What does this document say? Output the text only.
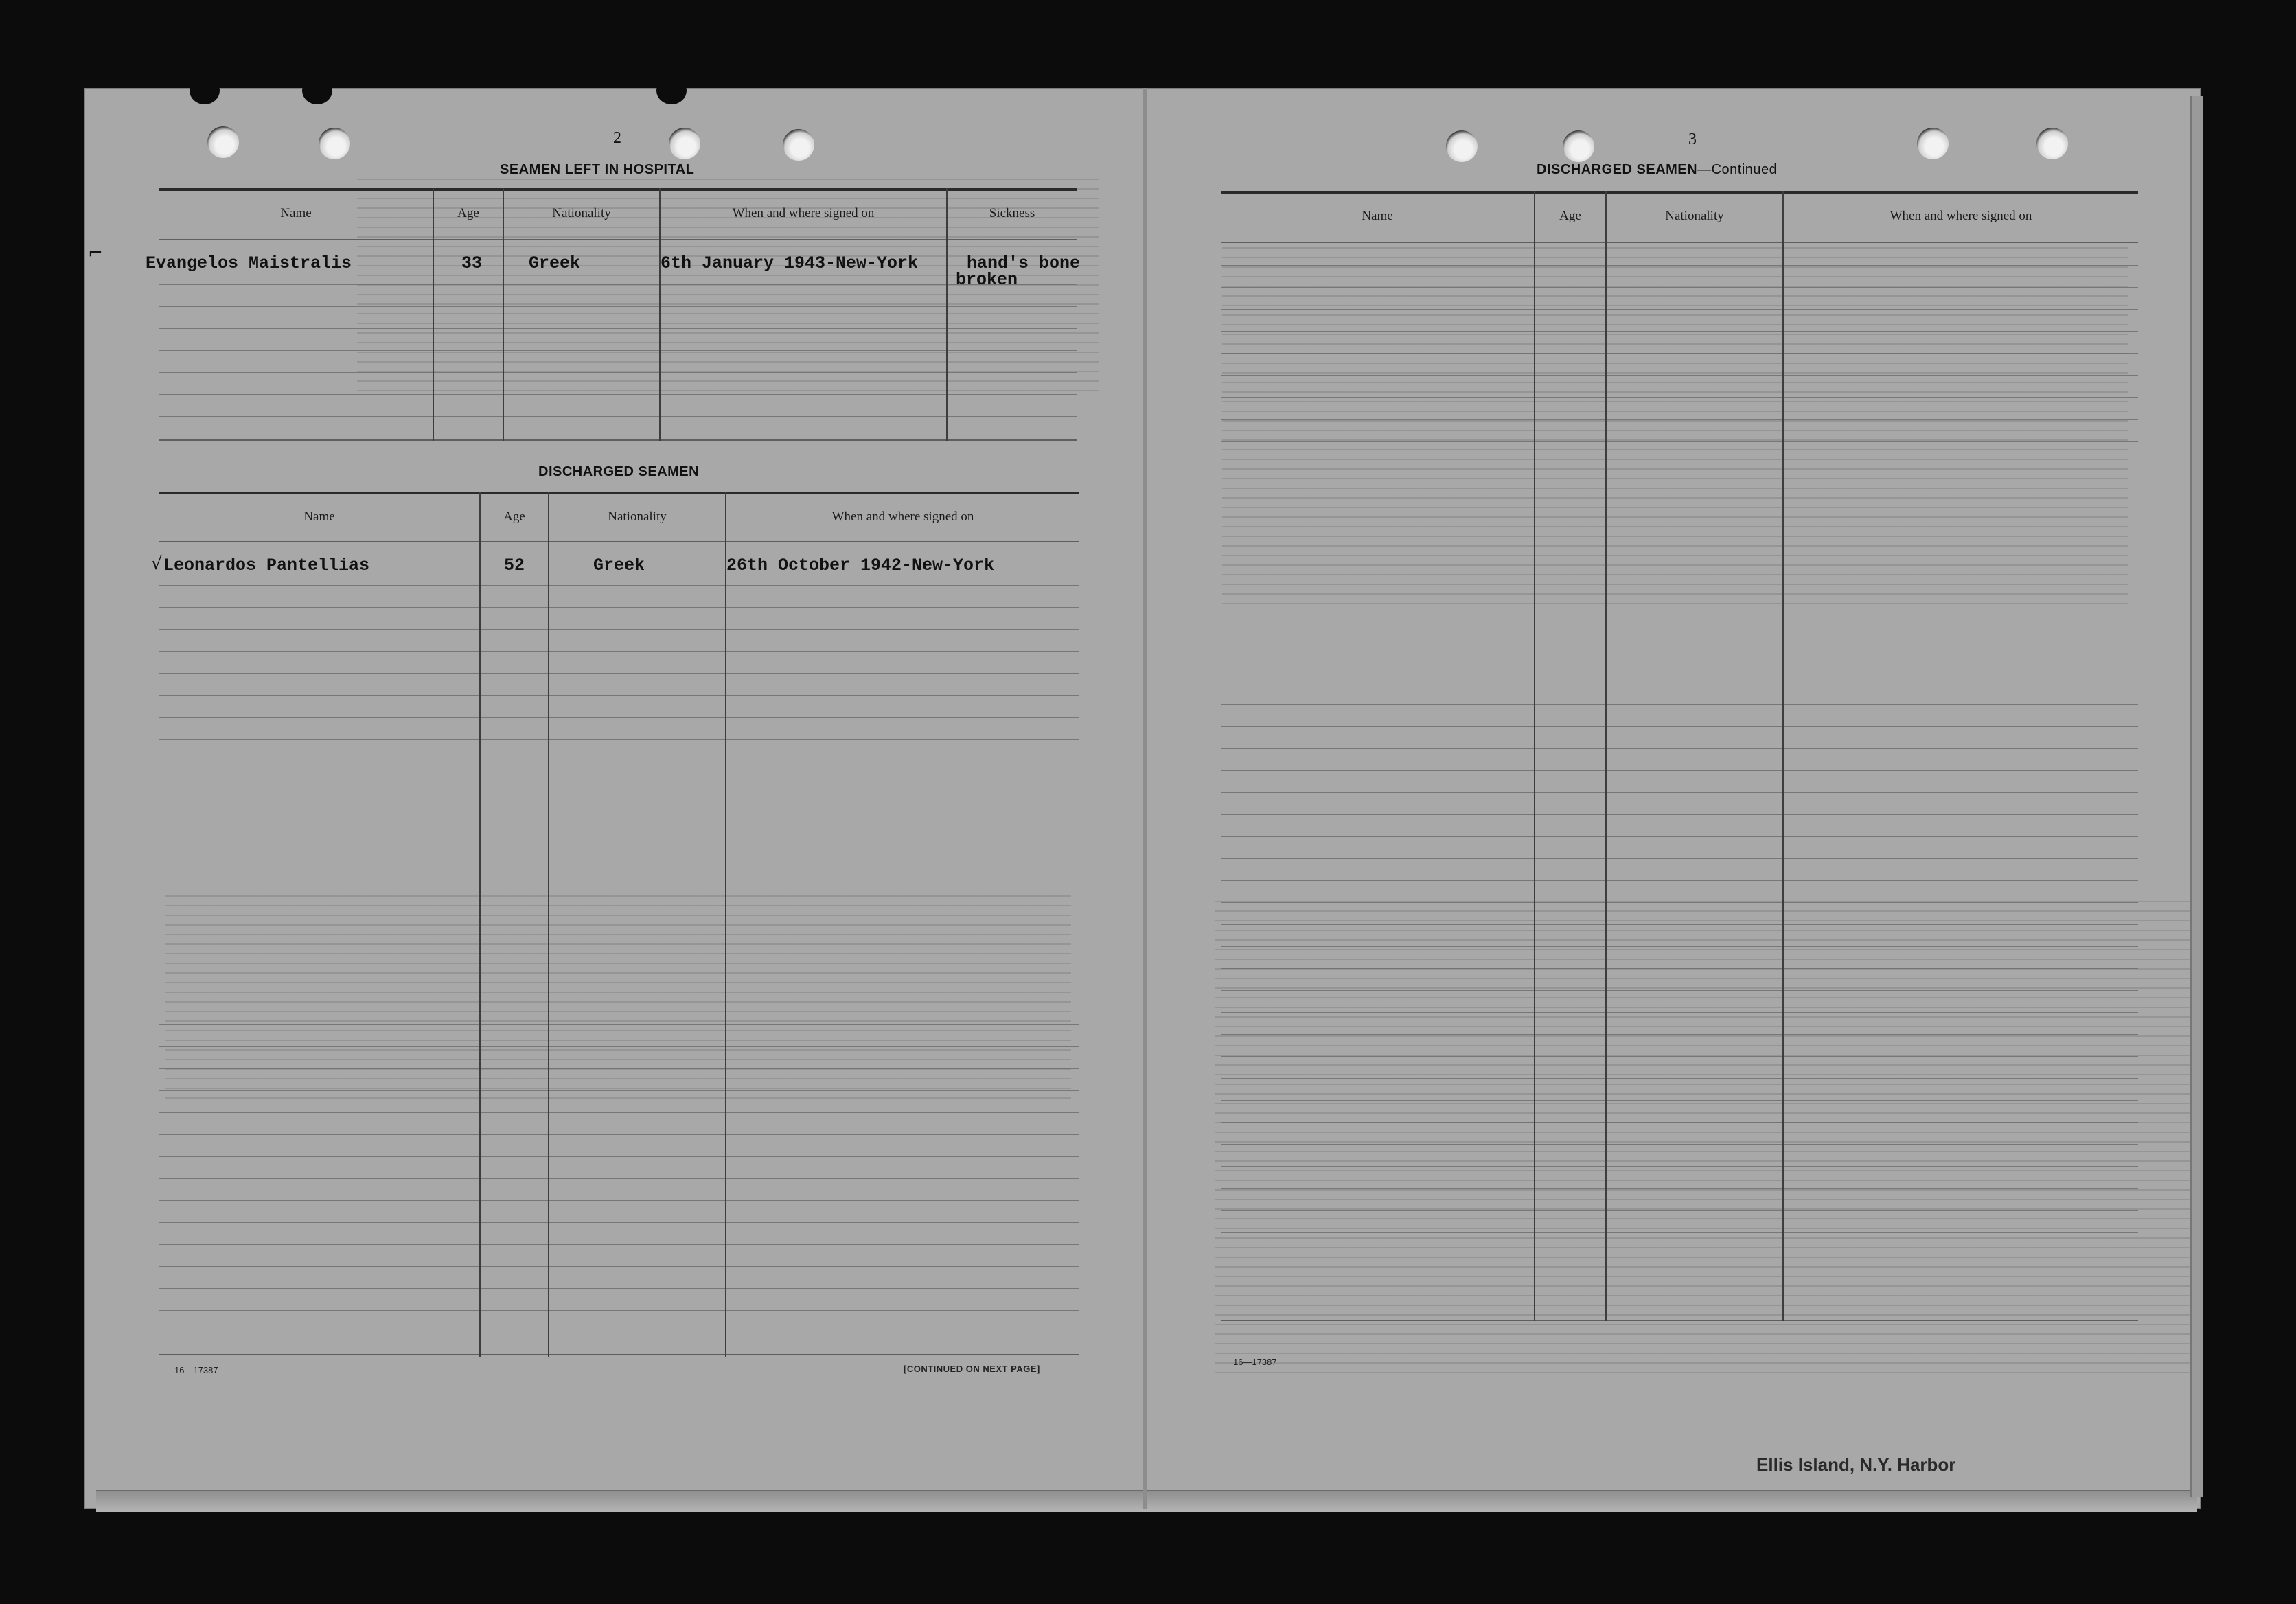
2
SEAMEN LEFT IN HOSPITAL
Name	Age	Nationality	When and where signed on	Sickness
Evangelos Maistralis	33	Greek	6th January 1943-New-York	hand's bone
broken
⌐
DISCHARGED SEAMEN
Name	Age	Nationality	When and where signed on
Leonardos Pantellias	52	Greek	26th October 1942-New-York
√
16—17387	[CONTINUED ON NEXT PAGE]
3
DISCHARGED SEAMEN—Continued
Name	Age	Nationality	When and where signed on
16—17387
Ellis Island, N.Y. Harbor
